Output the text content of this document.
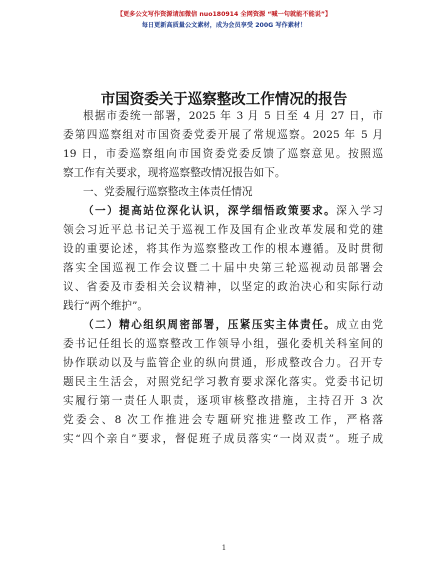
【更多公文写作资源请加微信 nuo180914 全网资源 “喊一句就能不能说”】
每日更新高质量公文素材，成为会员享受 200G 写作素材！
市国资委关于巡察整改工作情况的报告
根据市委统一部署，2025 年 3 月 5 日至 4 月 27 日，市
委第四巡察组对市国资委党委开展了常规巡察。2025 年 5 月
19 日，市委巡察组向市国资委党委反馈了巡察意见。按照巡
察工作有关要求，现将巡察整改情况报告如下。
一、党委履行巡察整改主体责任情况
（一）提高站位深化认识，深学细悟政策要求。深入学习
领会习近平总书记关于巡视工作及国有企业改革发展和党的建
设的重要论述，将其作为巡察整改工作的根本遵循。及时贯彻
落实全国巡视工作会议暨二十届中央第三轮巡视动员部署会
议、省委及市委相关会议精神，以坚定的政治决心和实际行动
践行“两个维护”。
（二）精心组织周密部署，压紧压实主体责任。成立由党
委书记任组长的巡察整改工作领导小组，强化委机关科室间的
协作联动以及与监管企业的纵向贯通，形成整改合力。召开专
题民主生活会，对照党纪学习教育要求深化落实。党委书记切
实履行第一责任人职责，逐项审核整改措施，主持召开 3 次
党委会、8 次工作推进会专题研究推进整改工作，严格落
实“四个亲自”要求，督促班子成员落实“一岗双责”。班子成
1
